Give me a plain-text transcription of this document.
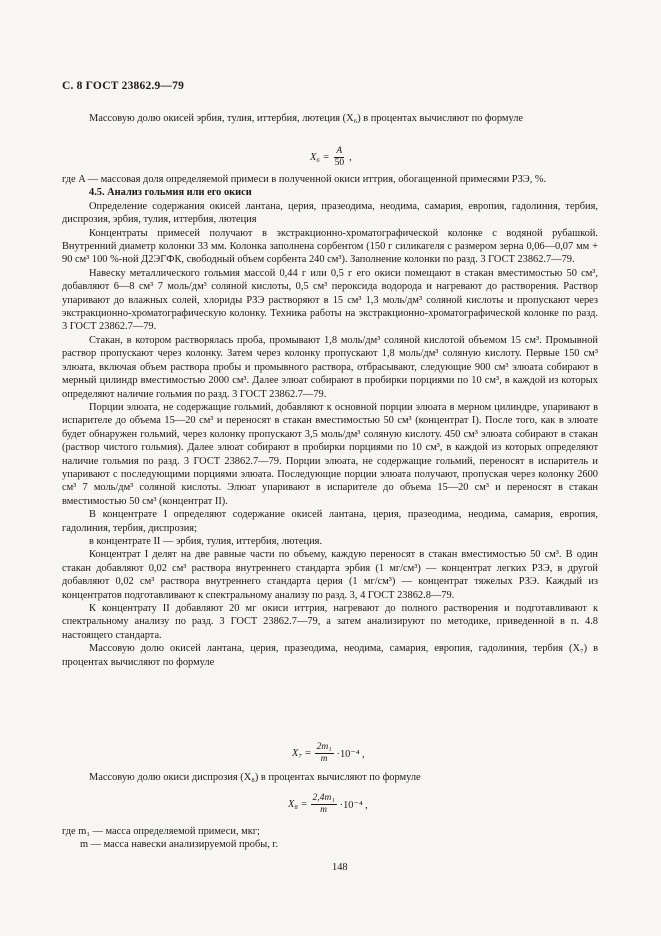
С. 8 ГОСТ 23862.9—79

Массовую долю окисей эрбия, тулия, иттербия, лютеция (X₆) в процентах вычисляют по формуле

$X_6 = \frac{A}{50}$ ,

где A — массовая доля определяемой примеси в полученной окиси иттрия, обогащенной примесями РЗЭ, %.

4.5. Анализ гольмия или его окиси

Определение содержания окисей лантана, церия, празеодима, неодима, самария, европия, гадолиния, тербия, диспрозия, эрбия, тулия, иттербия, лютеция

Концентраты примесей получают в экстракционно-хроматографической колонке с водяной рубашкой. Внутренний диаметр колонки 33 мм. Колонка заполнена сорбентом (150 г силикагеля с размером зерна 0,06—0,07 мм + 90 см³ 100 %-ной Д2ЭГФК, свободный объем сорбента 240 см³). Заполнение колонки по разд. 3 ГОСТ 23862.7—79.

Навеску металлического гольмия массой 0,44 г или 0,5 г его окиси помещают в стакан вместимостью 50 см³, добавляют 6—8 см³ 7 моль/дм³ соляной кислоты, 0,5 см³ пероксида водорода и нагревают до растворения. Раствор упаривают до влажных солей, хлориды РЗЭ растворяют в 15 см³ 1,3 моль/дм³ соляной кислоты и пропускают через экстракционно-хроматографическую колонку. Техника работы на экстракционно-хроматографической колонке по разд. 3 ГОСТ 23862.7—79.

Стакан, в котором растворялась проба, промывают 1,8 моль/дм³ соляной кислотой объемом 15 см³. Промывной раствор пропускают через колонку. Затем через колонку пропускают 1,8 моль/дм³ соляную кислоту. Первые 150 см³ элюата, включая объем раствора пробы и промывного раствора, отбрасывают, следующие 900 см³ элюата собирают в мерный цилиндр вместимостью 2000 см³. Далее элюат собирают в пробирки порциями по 10 см³, в каждой из которых определяют наличие гольмия по разд. 3 ГОСТ 23862.7—79.

Порции элюата, не содержащие гольмий, добавляют к основной порции элюата в мерном цилиндре, упаривают в испарителе до объема 15—20 см³ и переносят в стакан вместимостью 50 см³ (концентрат I). После того, как в элюате будет обнаружен гольмий, через колонку пропускают 3,5 моль/дм³ соляную кислоту. 450 см³ элюата собирают в стакан (раствор чистого гольмия). Далее элюат собирают в пробирки порциями по 10 см³, в каждой из которых определяют наличие гольмия по разд. 3 ГОСТ 23862.7—79. Порции элюата, не содержащие гольмий, переносят в испаритель и упаривают с последующими порциями элюата. Последующие порции элюата получают, пропуская через колонку 2600 см³ 7 моль/дм³ соляной кислоты. Элюат упаривают в испарителе до объема 15—20 см³ и переносят в стакан вместимостью 50 см³ (концентрат II).

В концентрате I определяют содержание окисей лантана, церия, празеодима, неодима, самария, европия, гадолиния, тербия, диспрозия;

в концентрате II — эрбия, тулия, иттербия, лютеция.

Концентрат I делят на две равные части по объему, каждую переносят в стакан вместимостью 50 см³. В один стакан добавляют 0,02 см³ раствора внутреннего стандарта эрбия (1 мг/см³) — концентрат легких РЗЭ, в другой добавляют 0,02 см³ раствора внутреннего стандарта церия (1 мг/см³) — концентрат тяжелых РЗЭ. Каждый из концентратов подготавливают к спектральному анализу по разд. 3, 4 ГОСТ 23862.8—79.

К концентрату II добавляют 20 мг окиси иттрия, нагревают до полного растворения и подготавливают к спектральному анализу по разд. 3 ГОСТ 23862.7—79, а затем анализируют по методике, приведенной в п. 4.8 настоящего стандарта.

Массовую долю окисей лантана, церия, празеодима, неодима, самария, европия, гадолиния, тербия (X₇) в процентах вычисляют по формуле

$X_7 = \frac{\text{2m₁}}{m} \cdot 10^{-4}$ ,

Массовую долю окиси диспрозия (X₈) в процентах вычисляют по формуле

$X_8 = \frac{\text{2,4m₁}}{m} \cdot 10^{-4}$ ,

где m₁ — масса определяемой примеси, мкг;

m — масса навески анализируемой пробы, г.

148
